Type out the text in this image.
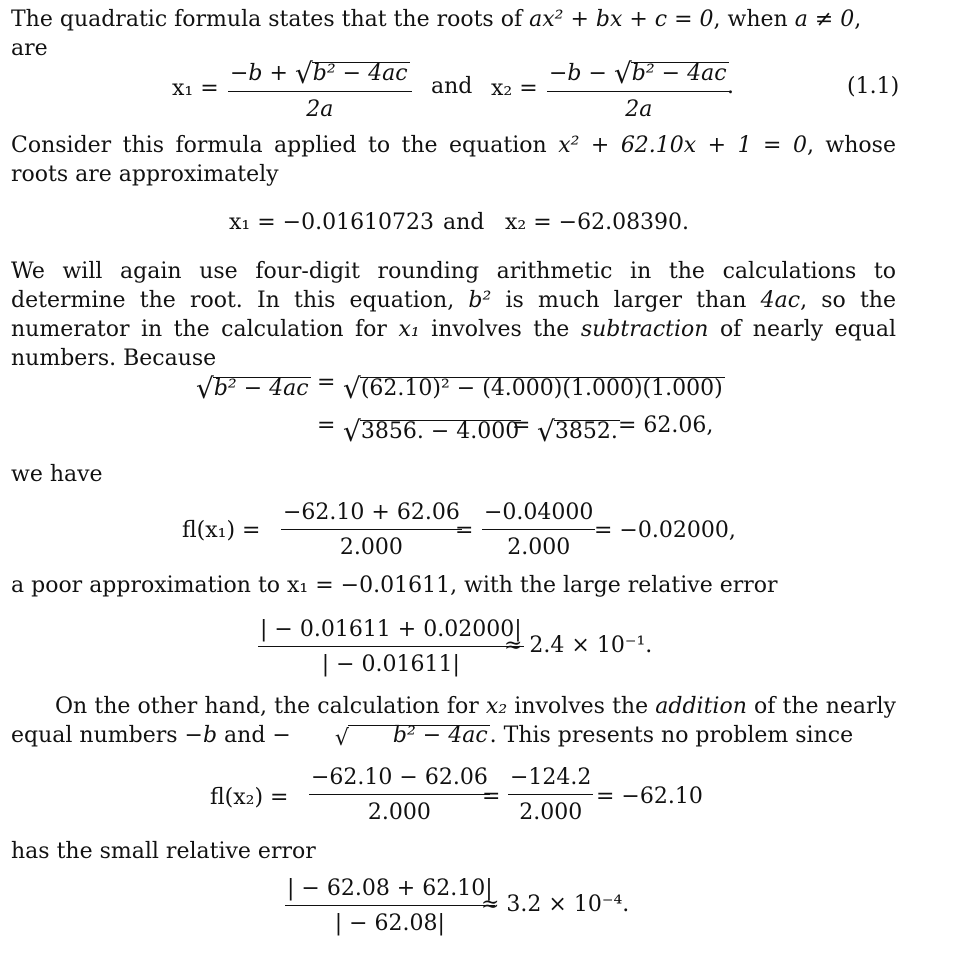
The quadratic formula states that the roots of ax² + bx + c = 0, when a ≠ 0, are
$x_1 = \frac{\text{−b + √b² − 4ac}}{2a}$ and $x_2 = \frac{\text{−b − √b² − 4ac}}{2a}$
.	(1.1)
Consider this formula applied to the equation x² + 62.10x + 1 = 0, whose roots are approximately
x₁ = −0.01610723 and x₂ = −62.08390.
We will again use four-digit rounding arithmetic in the calculations to determine the root. In this equation, b² is much larger than 4ac, so the numerator in the calculation for x₁ involves the subtraction of nearly equal numbers. Because
√b² − 4ac = √(62.10)² − (4.000)(1.000)(1.000)
= √3856. − 4.000
= √3852. = 62.06,
we have
$fl(x_1) = \frac{-62.10 + 62.06}{2.000}$
= $\frac{-0.04000}{2.000}$
= −0.02000,
a poor approximation to x₁ = −0.01611, with the large relative error
$\frac{| - 0.01611 + 0.02000|}{| - 0.01611|}$
≈ 2.4 × 10⁻¹.
On the other hand, the calculation for x₂ involves the addition of the nearly equal numbers −b and − √ b² − 4ac. This presents no problem since
$fl(x_2) = \frac{-62.10 - 62.06}{2.000}$
= $\frac{-124.2}{2.000} = -62.10$
has the small relative error
$\frac{| - 62.08 + 62.10|}{| - 62.08|}$
≈ 3.2 × 10⁻⁴.
